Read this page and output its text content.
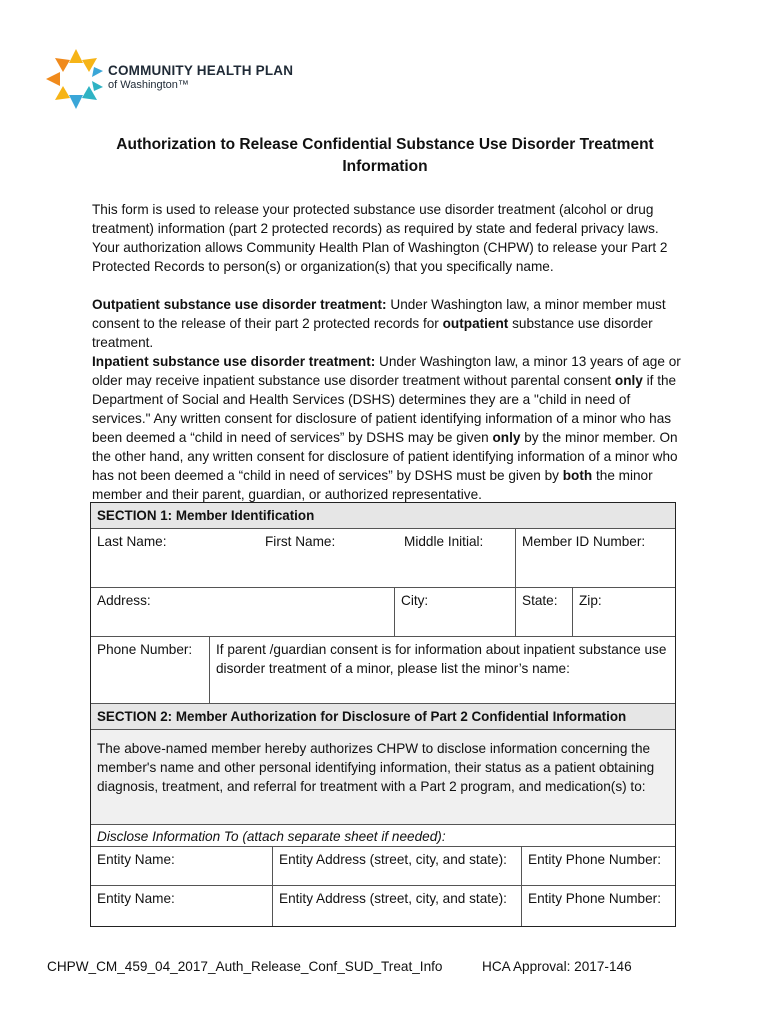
COMMUNITY HEALTH PLAN
of Washington™
Authorization to Release Confidential Substance Use Disorder Treatment Information
This form is used to release your protected substance use disorder treatment (alcohol or drug treatment) information (part 2 protected records) as required by state and federal privacy laws. Your authorization allows Community Health Plan of Washington (CHPW) to release your Part 2 Protected Records to person(s) or organization(s) that you specifically name.
Outpatient substance use disorder treatment: Under Washington law, a minor member must consent to the release of their part 2 protected records for outpatient substance use disorder treatment.
Inpatient substance use disorder treatment: Under Washington law, a minor 13 years of age or older may receive inpatient substance use disorder treatment without parental consent only if the Department of Social and Health Services (DSHS) determines they are a "child in need of services." Any written consent for disclosure of patient identifying information of a minor who has been deemed a “child in need of services” by DSHS may be given only by the minor member. On the other hand, any written consent for disclosure of patient identifying information of a minor who has not been deemed a “child in need of services” by DSHS must be given by both the minor member and their parent, guardian, or authorized representative.
SECTION 1: Member Identification
Last Name:	First Name:	Middle Initial:	Member ID Number:
Address:	City:	State:	Zip:
Phone Number:	If parent /guardian consent is for information about inpatient substance use disorder treatment of a minor, please list the minor’s name:
SECTION 2: Member Authorization for Disclosure of Part 2 Confidential Information
The above-named member hereby authorizes CHPW to disclose information concerning the member's name and other personal identifying information, their status as a patient obtaining diagnosis, treatment, and referral for treatment with a Part 2 program, and medication(s) to:
Disclose Information To (attach separate sheet if needed):
Entity Name:	Entity Address (street, city, and state):	Entity Phone Number:
Entity Name:	Entity Address (street, city, and state):	Entity Phone Number:
CHPW_CM_459_04_2017_Auth_Release_Conf_SUD_Treat_Info	HCA Approval: 2017-146
